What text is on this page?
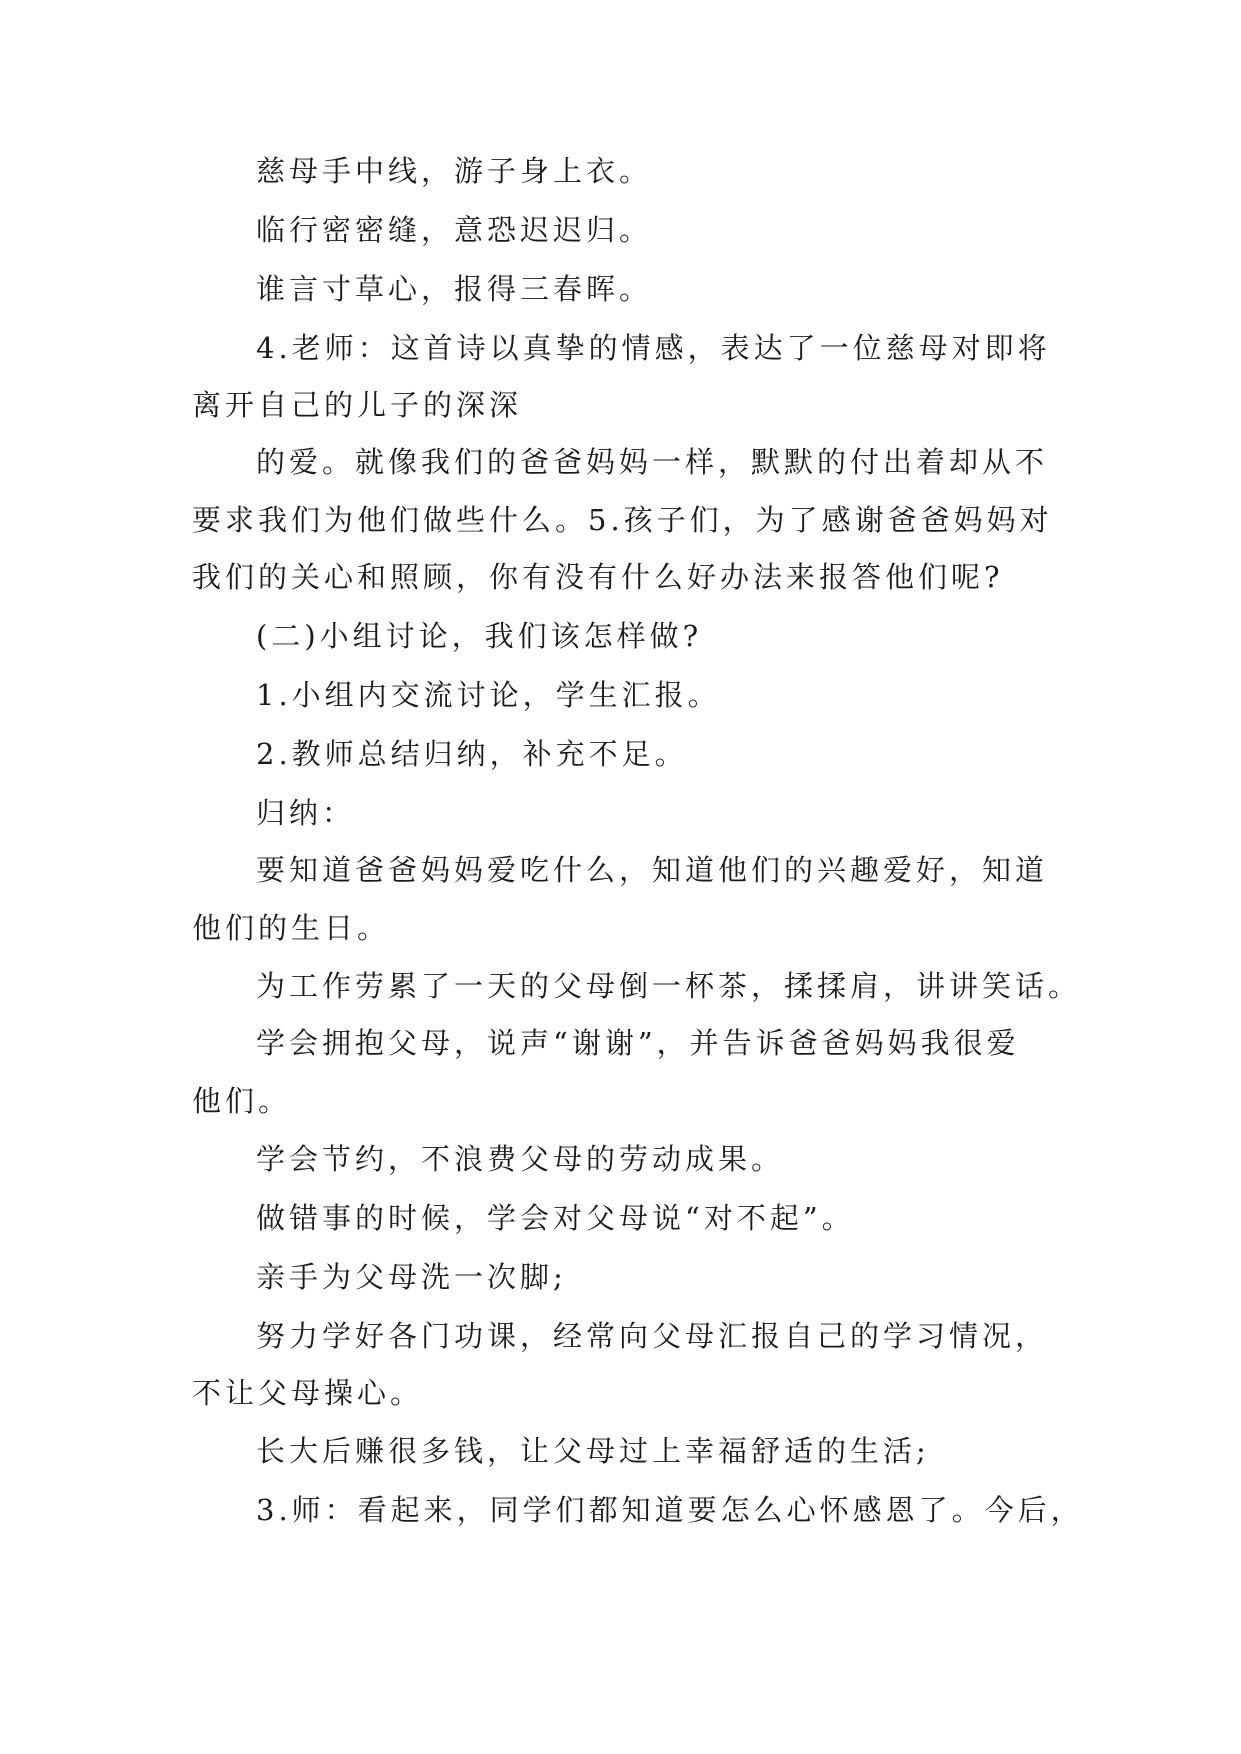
慈母手中线，游子身上衣。
临行密密缝，意恐迟迟归。
谁言寸草心，报得三春晖。
4.老师：这首诗以真挚的情感，表达了一位慈母对即将
离开自己的儿子的深深
的爱。就像我们的爸爸妈妈一样，默默的付出着却从不
要求我们为他们做些什么。5.孩子们，为了感谢爸爸妈妈对
我们的关心和照顾，你有没有什么好办法来报答他们呢?
(二)小组讨论，我们该怎样做?
1.小组内交流讨论，学生汇报。
2.教师总结归纳，补充不足。
归纳：
要知道爸爸妈妈爱吃什么，知道他们的兴趣爱好，知道
他们的生日。
为工作劳累了一天的父母倒一杯茶，揉揉肩，讲讲笑话。
学会拥抱父母，说声“谢谢”，并告诉爸爸妈妈我很爱
他们。
学会节约，不浪费父母的劳动成果。
做错事的时候，学会对父母说“对不起”。
亲手为父母洗一次脚;
努力学好各门功课，经常向父母汇报自己的学习情况，
不让父母操心。
长大后赚很多钱，让父母过上幸福舒适的生活;
3.师：看起来，同学们都知道要怎么心怀感恩了。今后，
